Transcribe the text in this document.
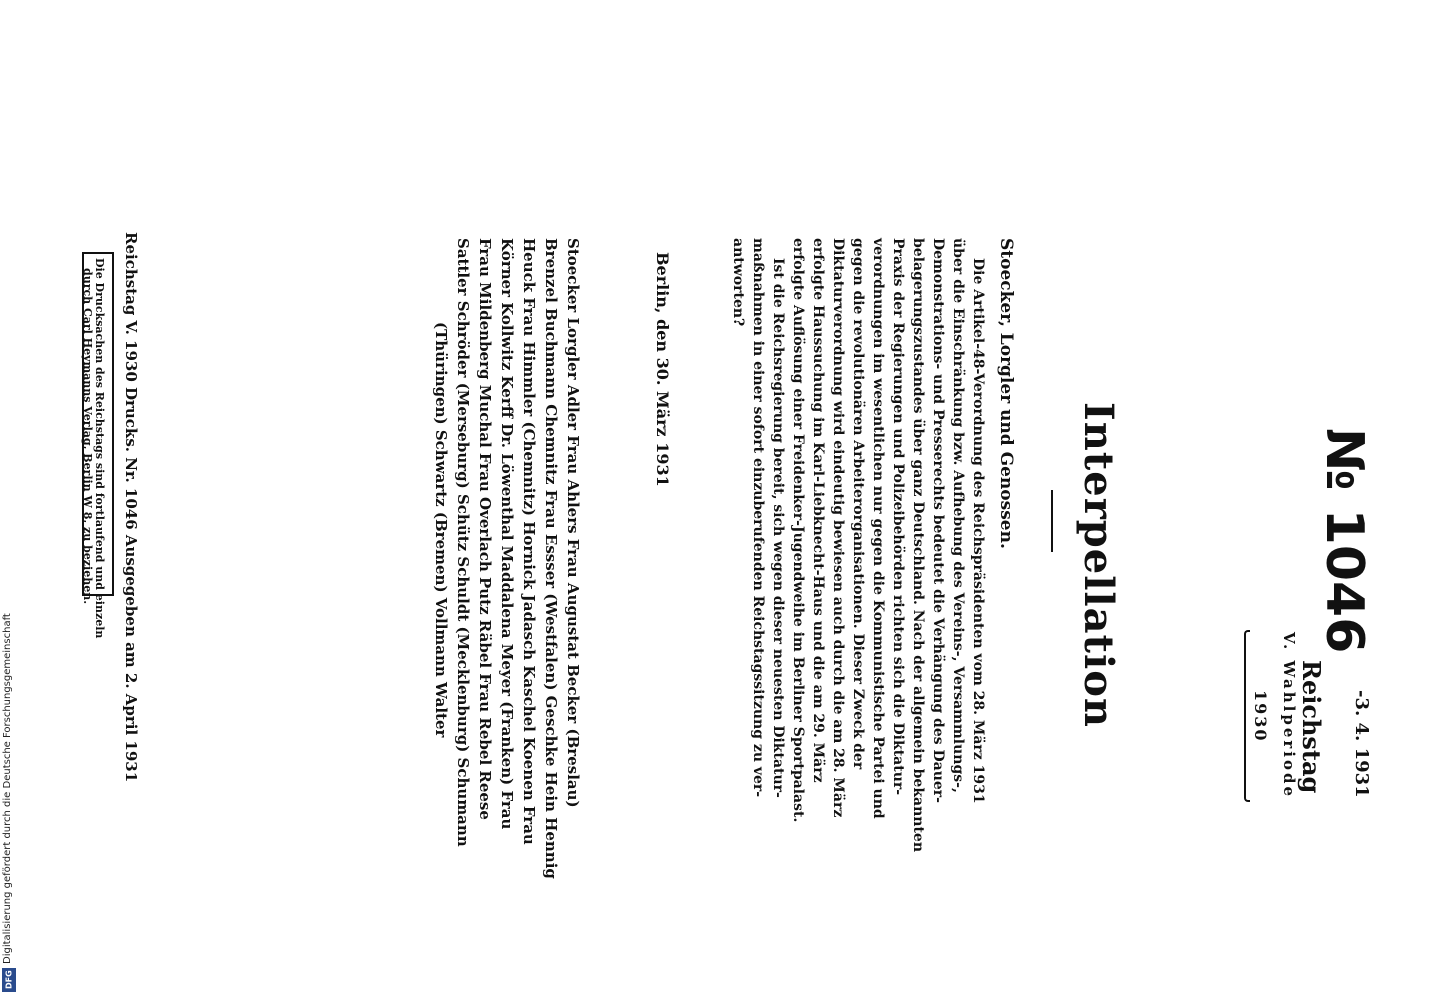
-3. 4. 1931
Reichstag
V. Wahlperiode
1930
№ 1046
Interpellation
Stoecker, Lorgler und Genossen.
Die Artikel-48-Verordnung des Reichspräsidenten vom 28. März 1931
über die Einschränkung bzw. Aufhebung des Vereins-, Versammlungs-,
Demonstrations- und Presserechts bedeutet die Verhängung des Dauer-
belagerungszustandes über ganz Deutschland. Nach der allgemein bekannten
Praxis der Regierungen und Polizeibehörden richten sich die Diktatur-
verordnungen im wesentlichen nur gegen die Kommunistische Partei und
gegen die revolutionären Arbeiterorganisationen. Dieser Zweck der
Diktaturverordnung wird eindeutig bewiesen auch durch die am 28. März
erfolgte Haussuchung im Karl-Liebknecht-Haus und die am 29. März
erfolgte Auflösung einer Freidenker-Jugendweihe im Berliner Sportpalast.
Ist die Reichsregierung bereit, sich wegen dieser neuesten Diktatur-
maßnahmen in einer sofort einzuberufenden Reichstagssitzung zu ver-
antworten?
Berlin, den 30. März 1931
Stoecker Lorgler Adler Frau Ahlers Frau Augustat Becker (Breslau)
Brenzel Buchmann Chemnitz Frau Essser (Westfalen) Geschke Hein Hennig
Heuck Frau Himmler (Chemnitz) Hornick Jadasch Kaschel Koenen Frau
Körner Kollwitz Kerff Dr. Löwenthal Maddalena Meyer (Franken) Frau
Frau Mildenberg Muchal Frau Overlach Putz Räbel Frau Rebel Reese
Sattler Schröder (Merseburg) Schütz Schuldt (Mecklenburg) Schumann
(Thüringen) Schwartz (Bremen) Vollmann Walter
Reichstag V. 1930 Drucks. Nr. 1046 Ausgegeben am 2. April 1931
Die Drucksachen des Reichstags sind fortlaufend und einzeln
durch Carl Heymanns Verlag, Berlin W 8, zu beziehen.
DFG
Digitalisierung gefördert durch die Deutsche Forschungsgemeinschaft
